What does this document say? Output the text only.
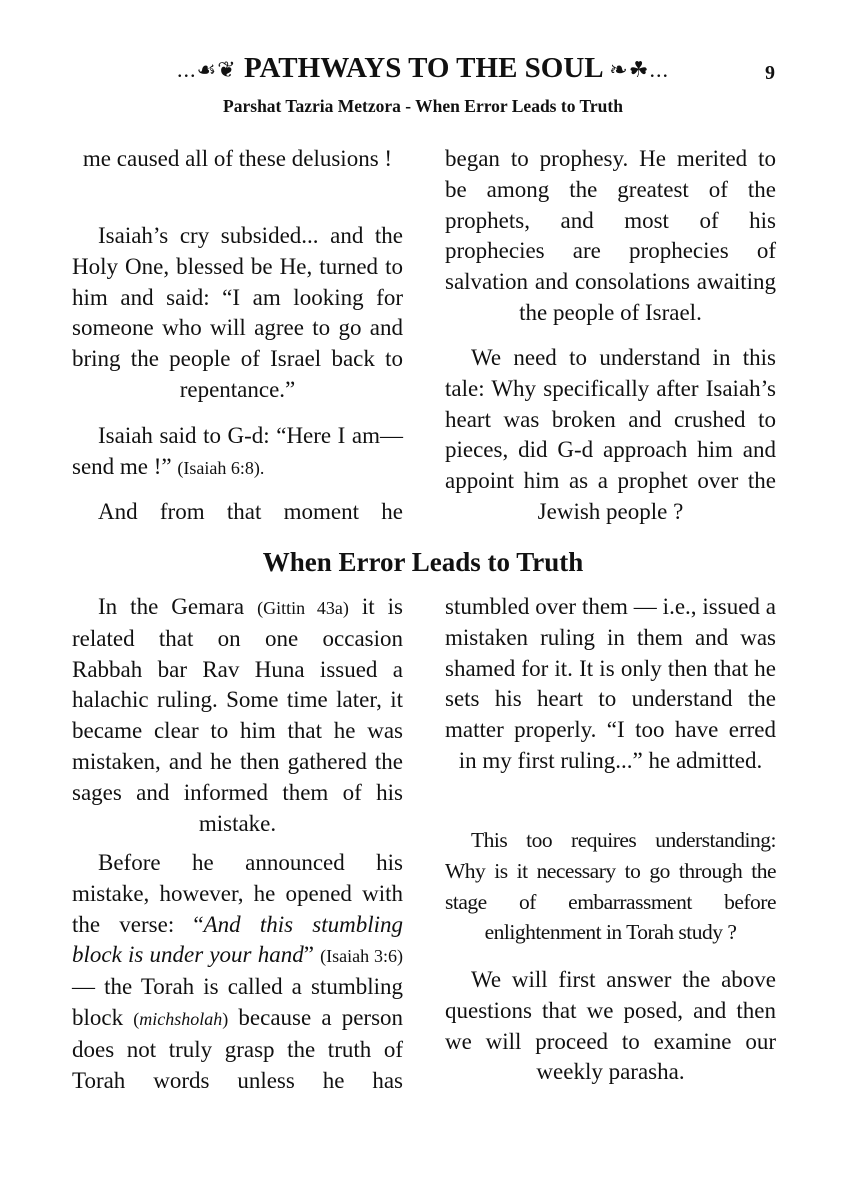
...☙❦ PATHWAYS TO THE SOUL ❧☘...	9
Parshat Tazria Metzora - When Error Leads to Truth

me caused all of these delusions !

Isaiah’s cry subsided... and the Holy One, blessed be He, turned to him and said: “I am looking for someone who will agree to go and bring the people of Israel back to repentance.”

Isaiah said to G-d: “Here I am—send me !” (Isaiah 6:8).

And from that moment he

began to prophesy. He merited to be among the greatest of the prophets, and most of his prophecies are prophecies of salvation and consolations awaiting the people of Israel.

We need to understand in this tale: Why specifically after Isaiah’s heart was broken and crushed to pieces, did G-d approach him and appoint him as a prophet over the Jewish people ?

When Error Leads to Truth

In the Gemara (Gittin 43a) it is related that on one occasion Rabbah bar Rav Huna issued a halachic ruling. Some time later, it became clear to him that he was mistaken, and he then gathered the sages and informed them of his mistake.

Before he announced his mistake, however, he opened with the verse: “And this stumbling block is under your hand” (Isaiah 3:6) — the Torah is called a stumbling block (michsholah) because a person does not truly grasp the truth of Torah words unless he has

stumbled over them — i.e., issued a mistaken ruling in them and was shamed for it. It is only then that he sets his heart to understand the matter properly. “I too have erred in my first ruling...” he admitted.

This too requires understanding: Why is it necessary to go through the stage of embarrassment before enlightenment in Torah study ?

We will first answer the above questions that we posed, and then we will proceed to examine our weekly parasha.
